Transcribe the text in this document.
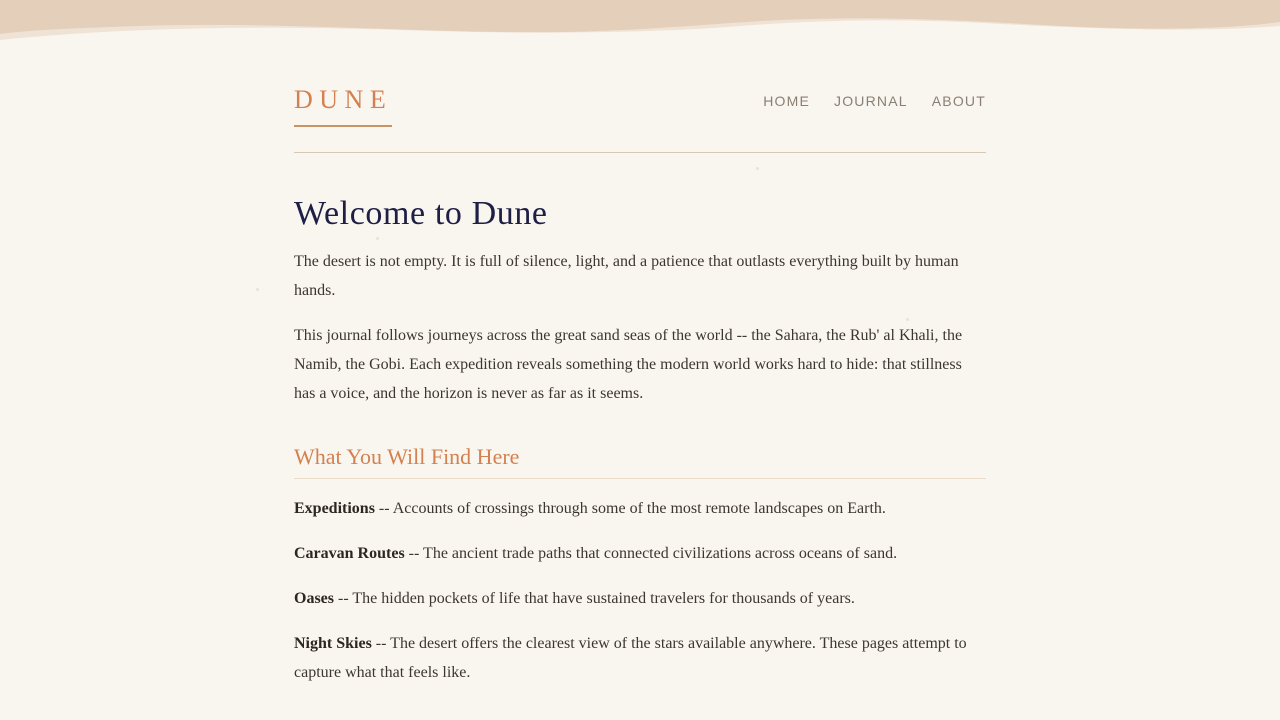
DUNE	HOME JOURNAL ABOUT
Welcome to Dune

The desert is not empty. It is full of silence, light, and a patience that outlasts everything built by human hands.

This journal follows journeys across the great sand seas of the world -- the Sahara, the Rub' al Khali, the Namib, the Gobi. Each expedition reveals something the modern world works hard to hide: that stillness has a voice, and the horizon is never as far as it seems.

What You Will Find Here

Expeditions -- Accounts of crossings through some of the most remote landscapes on Earth.

Caravan Routes -- The ancient trade paths that connected civilizations across oceans of sand.

Oases -- The hidden pockets of life that have sustained travelers for thousands of years.

Night Skies -- The desert offers the clearest view of the stars available anywhere. These pages attempt to capture what that feels like.
